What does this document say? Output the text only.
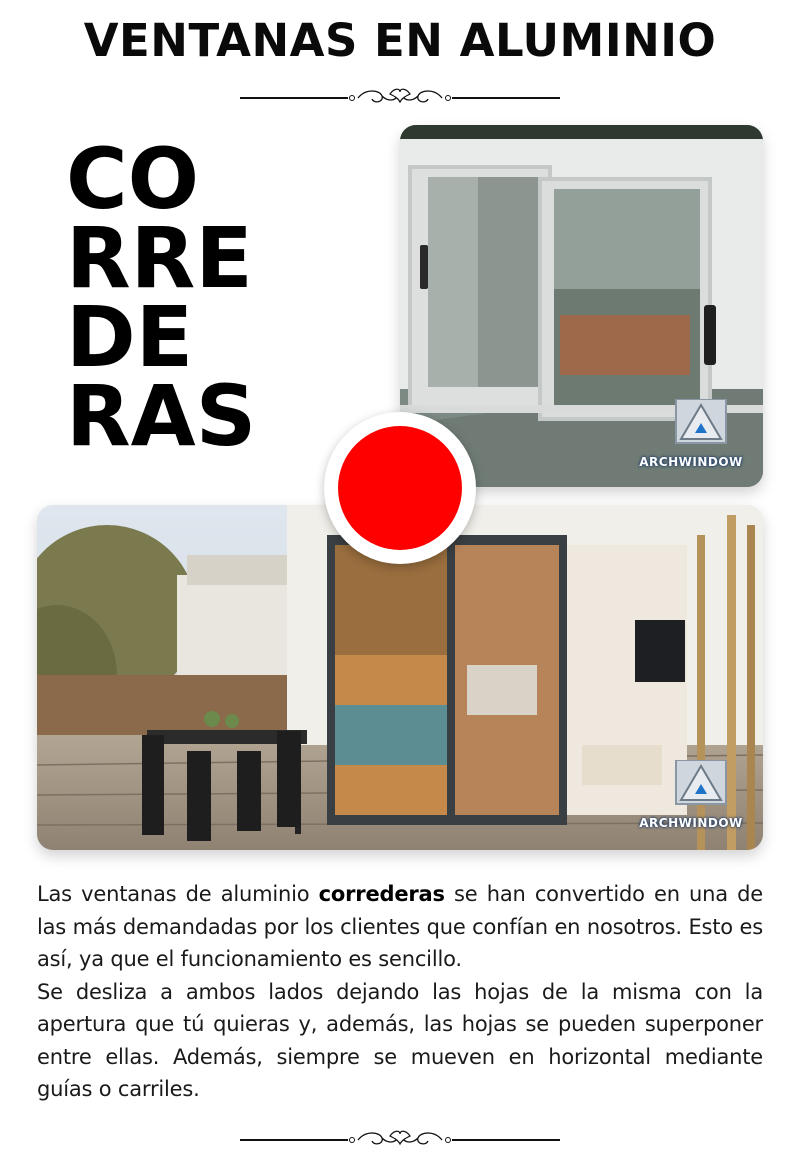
VENTANAS EN ALUMINIO
CO
RRE
DE
RAS	ARCHWINDOW
ARCHWINDOW

Las ventanas de aluminio correderas se han convertido en una de las más demandadas por los clientes que confían en nosotros. Esto es así, ya que el funcionamiento es sencillo.

Se desliza a ambos lados dejando las hojas de la misma con la apertura que tú quieras y, además, las hojas se pueden superponer entre ellas. Además, siempre se mueven en horizontal mediante guías o carriles.
